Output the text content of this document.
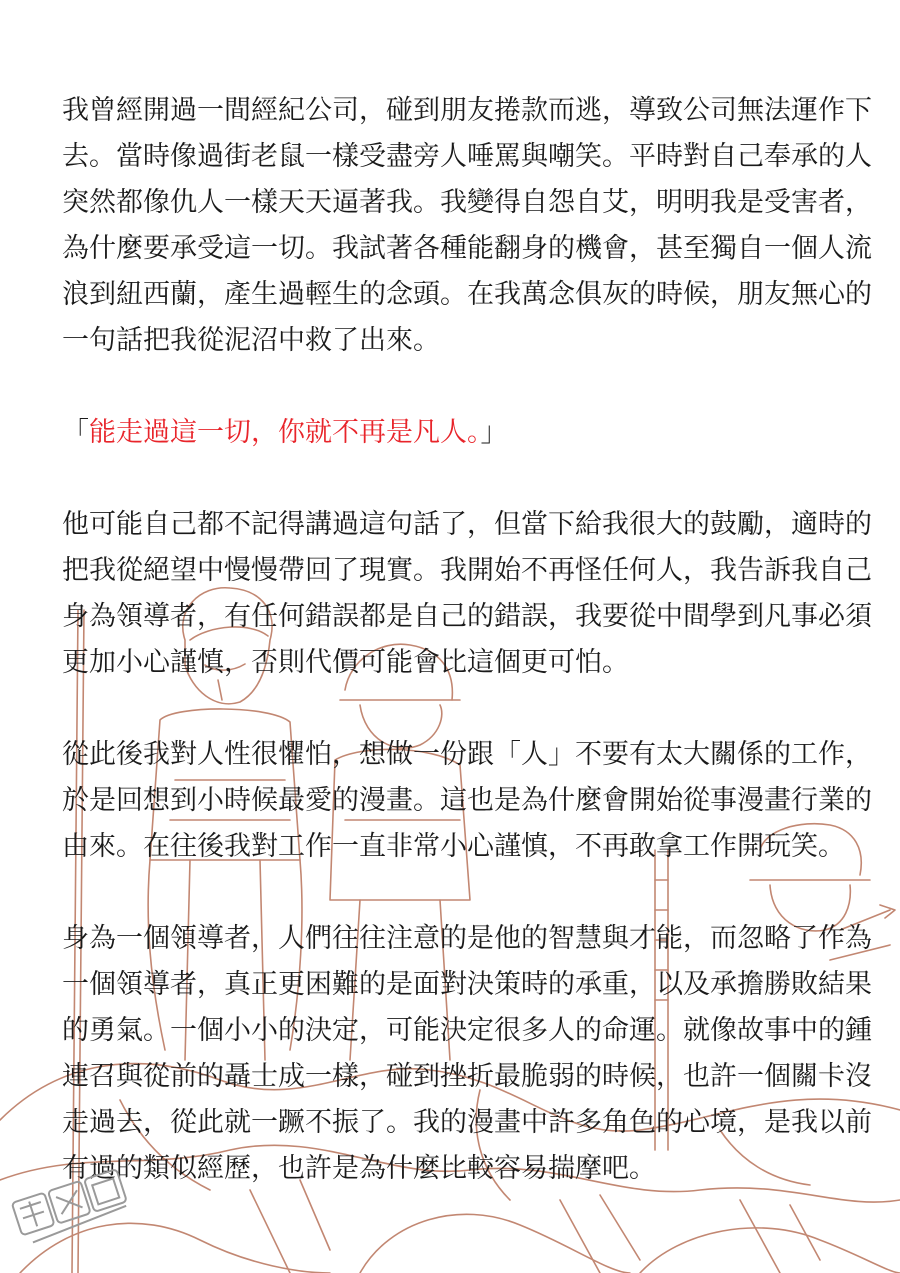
我曾經開過一間經紀公司，碰到朋友捲款而逃，導致公司無法運作下
去。當時像過街老鼠一樣受盡旁人唾罵與嘲笑。平時對自己奉承的人
突然都像仇人一樣天天逼著我。我變得自怨自艾，明明我是受害者，
為什麼要承受這一切。我試著各種能翻身的機會，甚至獨自一個人流
浪到紐西蘭，產生過輕生的念頭。在我萬念俱灰的時候，朋友無心的
一句話把我從泥沼中救了出來。
「能走過這一切，你就不再是凡人。」
他可能自己都不記得講過這句話了，但當下給我很大的鼓勵，適時的
把我從絕望中慢慢帶回了現實。我開始不再怪任何人，我告訴我自己
身為領導者，有任何錯誤都是自己的錯誤，我要從中間學到凡事必須
更加小心謹慎，否則代價可能會比這個更可怕。
從此後我對人性很懼怕，想做一份跟「人」不要有太大關係的工作，
於是回想到小時候最愛的漫畫。這也是為什麼會開始從事漫畫行業的
由來。在往後我對工作一直非常小心謹慎，不再敢拿工作開玩笑。
身為一個領導者，人們往往注意的是他的智慧與才能，而忽略了作為
一個領導者，真正更困難的是面對決策時的承重，以及承擔勝敗結果
的勇氣。一個小小的決定，可能決定很多人的命運。就像故事中的鍾
連召與從前的聶士成一樣，碰到挫折最脆弱的時候，也許一個關卡沒
走過去，從此就一蹶不振了。我的漫畫中許多角色的心境，是我以前
有過的類似經歷，也許是為什麼比較容易揣摩吧。
